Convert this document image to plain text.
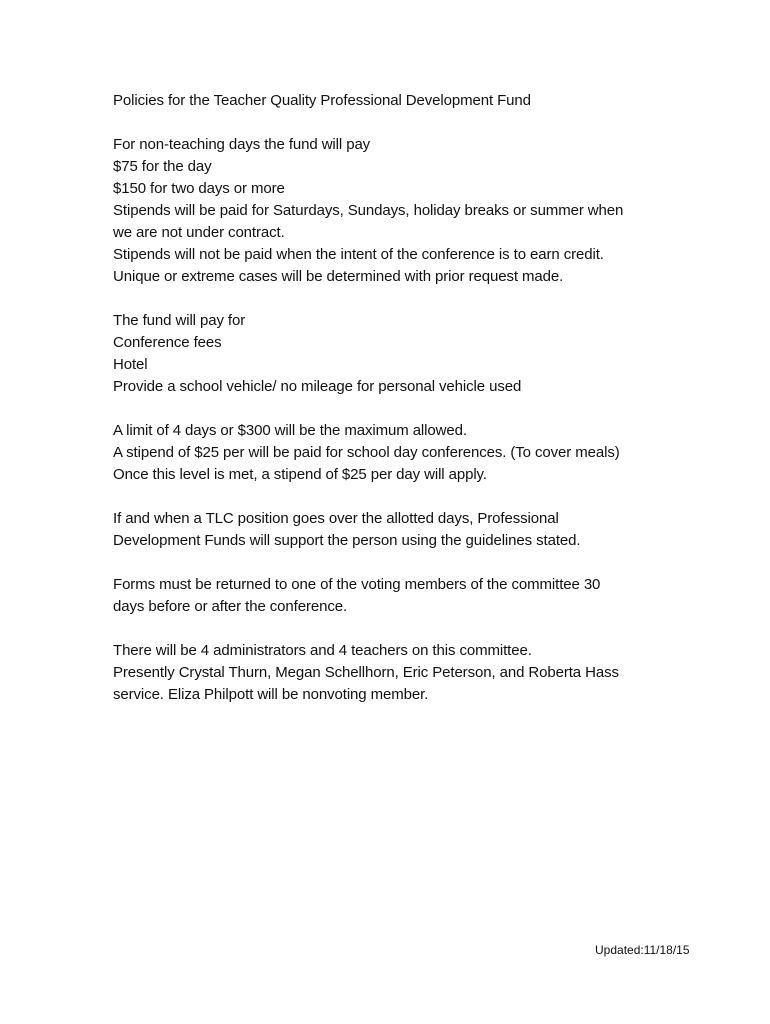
Policies for the Teacher Quality Professional Development Fund
For non-teaching days the fund will pay
$75 for the day
$150 for two days or more
Stipends will be paid for Saturdays, Sundays, holiday breaks or summer when
we are not under contract.
Stipends will not be paid when the intent of the conference is to earn credit.
Unique or extreme cases will be determined with prior request made.
The fund will pay for
Conference fees
Hotel
Provide a school vehicle/ no mileage for personal vehicle used
A limit of 4 days or $300 will be the maximum allowed.
A stipend of $25 per will be paid for school day conferences. (To cover meals)
Once this level is met, a stipend of $25 per day will apply.
If and when a TLC position goes over the allotted days, Professional
Development Funds will support the person using the guidelines stated.
Forms must be returned to one of the voting members of the committee 30
days before or after the conference.
There will be 4 administrators and 4 teachers on this committee.
Presently Crystal Thurn, Megan Schellhorn, Eric Peterson, and Roberta Hass
service. Eliza Philpott will be nonvoting member.
Updated:11/18/15
